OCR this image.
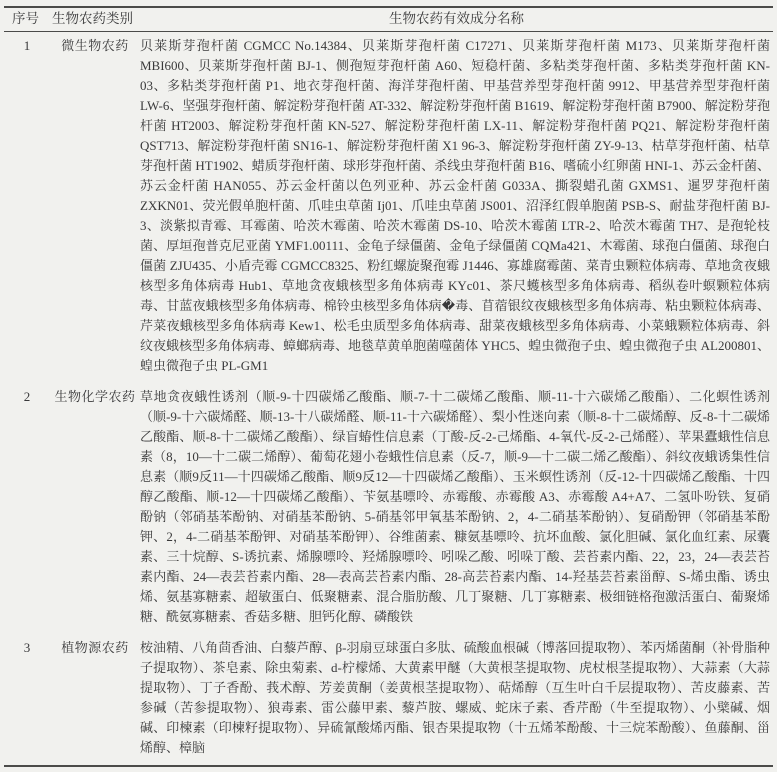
序号	生物农药类别	生物农药有效成分名称
1	微生物农药	贝莱斯芽孢杆菌 CGMCC No.14384、贝莱斯芽孢杆菌 C17271、贝莱斯芽孢杆菌 M173、贝莱斯芽孢杆菌 MBI600、贝莱斯芽孢杆菌 BJ-1、侧孢短芽孢杆菌 A60、短稳杆菌、多粘类芽孢杆菌、多粘类芽孢杆菌 KN-03、多粘类芽孢杆菌 P1、地衣芽孢杆菌、海洋芽孢杆菌、甲基营养型芽孢杆菌 9912、甲基营养型芽孢杆菌 LW-6、坚强芽孢杆菌、解淀粉芽孢杆菌 AT-332、解淀粉芽孢杆菌 B1619、解淀粉芽孢杆菌 B7900、解淀粉芽孢杆菌 HT2003、解淀粉芽孢杆菌 KN-527、解淀粉芽孢杆菌 LX-11、解淀粉芽孢杆菌 PQ21、解淀粉芽孢杆菌 QST713、解淀粉芽孢杆菌 SN16-1、解淀粉芽孢杆菌 X1 96-3、解淀粉芽孢杆菌 ZY-9-13、枯草芽孢杆菌、枯草芽孢杆菌 HT1902、蜡质芽孢杆菌、球形芽孢杆菌、杀线虫芽孢杆菌 B16、嗜硫小红卵菌 HNI-1、苏云金杆菌、苏云金杆菌 HAN055、苏云金杆菌以色列亚种、苏云金杆菌 G033A、撕裂蜡孔菌 GXMS1、暹罗芽孢杆菌 ZXKN01、荧光假单胞杆菌、爪哇虫草菌 Ij01、爪哇虫草菌 JS001、沼泽红假单胞菌 PSB-S、耐盐芽孢杆菌 BJ-3、淡紫拟青霉、耳霉菌、哈茨木霉菌、哈茨木霉菌 DS-10、哈茨木霉菌 LTR-2、哈茨木霉菌 TH7、是孢轮枝菌、厚垣孢普克尼亚菌 YMF1.00111、金龟子绿僵菌、金龟子绿僵菌 CQMa421、木霉菌、球孢白僵菌、球孢白僵菌 ZJU435、小盾壳霉 CGMCC8325、粉红螺旋聚孢霉 J1446、寡雄腐霉菌、菜青虫颗粒体病毒、草地贪夜蛾核型多角体病毒 Hub1、草地贪夜蛾核型多角体病毒 KYc01、茶尺蠖核型多角体病毒、稻纵卷叶螟颗粒体病毒、甘蓝夜蛾核型多角体病毒、棉铃虫核型多角体病�毒、苜蓿银纹夜蛾核型多角体病毒、粘虫颗粒体病毒、芹菜夜蛾核型多角体病毒 Kew1、松毛虫质型多角体病毒、甜菜夜蛾核型多角体病毒、小菜蛾颗粒体病毒、斜纹夜蛾核型多角体病毒、蟑螂病毒、地毯草黄单胞菌噬菌体 YHC5、蝗虫微孢子虫、蝗虫微孢子虫 AL200801、蝗虫微孢子虫 PL-GM1
2	生物化学农药	草地贪夜蛾性诱剂（顺-9-十四碳烯乙酸酯、顺-7-十二碳烯乙酸酯、顺-11-十六碳烯乙酸酯）、二化螟性诱剂（顺-9-十六碳烯醛、顺-13-十八碳烯醛、顺-11-十六碳烯醛）、梨小性迷向素（顺-8-十二碳烯醇、反-8-十二碳烯乙酸酯、顺-8-十二碳烯乙酸酯）、绿盲蝽性信息素（丁酸-反-2-己烯酯、4-氧代-反-2-己烯醛）、苹果蠹蛾性信息素（8，10—十二碳二烯醇）、葡萄花翅小卷蛾性信息素（反-7，顺-9—十二碳二烯乙酸酯）、斜纹夜蛾诱集性信息素（顺9反11—十四碳烯乙酸酯、顺9反12—十四碳烯乙酸酯）、玉米螟性诱剂（反-12-十四碳烯乙酸酯、十四醇乙酸酯、顺-12—十四碳烯乙酸酯）、苄氨基嘌呤、赤霉酸、赤霉酸 A3、赤霉酸 A4+A7、二氢卟吩铁、复硝酚钠（邻硝基苯酚钠、对硝基苯酚钠、5-硝基邻甲氧基苯酚钠、2，4-二硝基苯酚钠）、复硝酚钾（邻硝基苯酚钾、2，4-二硝基苯酚钾、对硝基苯酚钾）、谷维菌素、糠氨基嘌呤、抗坏血酸、氯化胆碱、氯化血红素、尿囊素、三十烷醇、S-诱抗素、烯腺嘌呤、羟烯腺嘌呤、吲哚乙酸、吲哚丁酸、芸苔素内酯、22，23，24—表芸苔素内酯、24—表芸苔素内酯、28—表高芸苔素内酯、28-高芸苔素内酯、14-羟基芸苔素甾醇、S-烯虫酯、诱虫烯、氨基寡糖素、超敏蛋白、低聚糖素、混合脂肪酸、几丁聚糖、几丁寡糖素、极细链格孢激活蛋白、葡聚烯糖、酰氨寡糖素、香菇多糖、胆钙化醇、磷酸铁
3	植物源农药	桉油精、八角茴香油、白藜芦醇、β-羽扇豆球蛋白多肽、硫酸血根碱（博落回提取物）、苯丙烯菌酮（补骨脂种子提取物）、茶皂素、除虫菊素、d-柠檬烯、大黄素甲醚（大黄根茎提取物、虎杖根茎提取物）、大蒜素（大蒜提取物）、丁子香酚、莪术醇、芳姜黄酮（姜黄根茎提取物）、萜烯醇（互生叶白千层提取物）、苦皮藤素、苦参碱（苦参提取物）、狼毒素、雷公藤甲素、藜芦胺、螺威、蛇床子素、香芹酚（牛至提取物）、小檗碱、烟碱、印楝素（印楝籽提取物）、异硫氰酸烯丙酯、银杏果提取物（十五烯苯酚酸、十三烷苯酚酸）、鱼藤酮、甾烯醇、樟脑
